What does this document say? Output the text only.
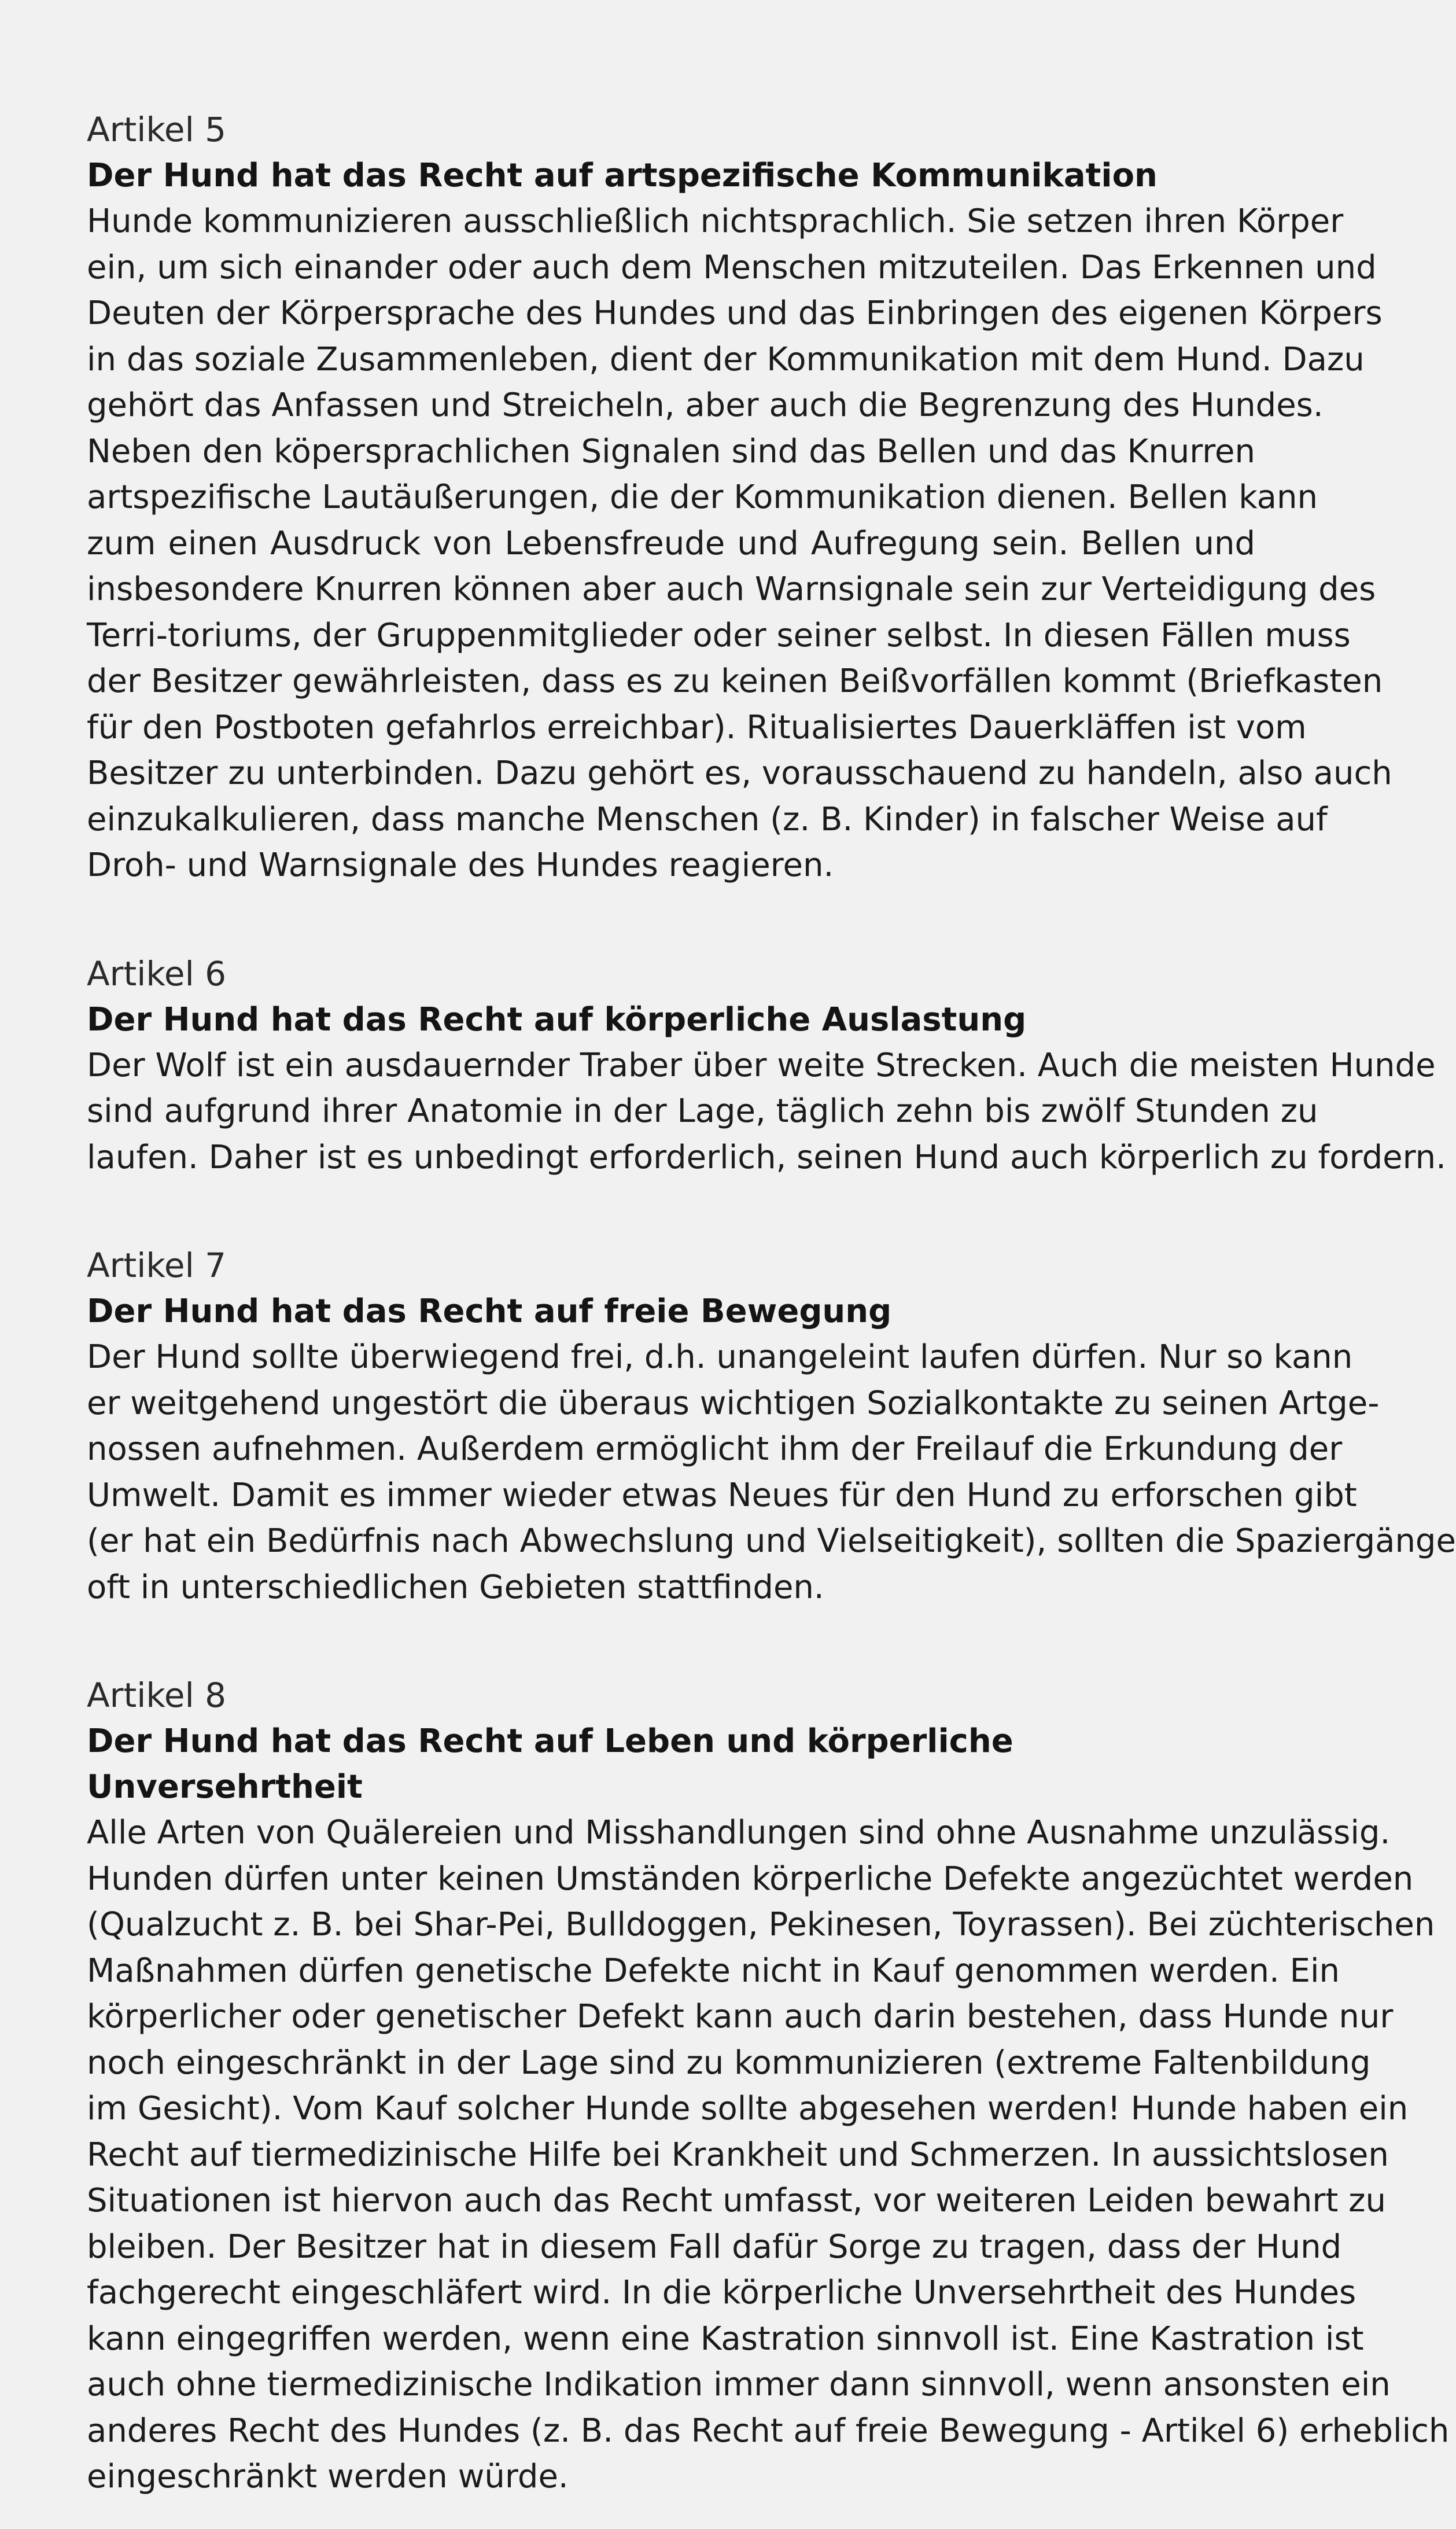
Artikel 5
Der Hund hat das Recht auf artspezifische Kommunikation
Hunde kommunizieren ausschließlich nichtsprachlich. Sie setzen ihren Körper
ein, um sich einander oder auch dem Menschen mitzuteilen. Das Erkennen und
Deuten der Körpersprache des Hundes und das Einbringen des eigenen Körpers
in das soziale Zusammenleben, dient der Kommunikation mit dem Hund. Dazu
gehört das Anfassen und Streicheln, aber auch die Begrenzung des Hundes.
Neben den köpersprachlichen Signalen sind das Bellen und das Knurren
artspezifische Lautäußerungen, die der Kommunikation dienen. Bellen kann
zum einen Ausdruck von Lebensfreude und Aufregung sein. Bellen und
insbesondere Knurren können aber auch Warnsignale sein zur Verteidigung des
Terri-toriums, der Gruppenmitglieder oder seiner selbst. In diesen Fällen muss
der Besitzer gewährleisten, dass es zu keinen Beißvorfällen kommt (Briefkasten
für den Postboten gefahrlos erreichbar). Ritualisiertes Dauerkläffen ist vom
Besitzer zu unterbinden. Dazu gehört es, vorausschauend zu handeln, also auch
einzukalkulieren, dass manche Menschen (z. B. Kinder) in falscher Weise auf
Droh- und Warnsignale des Hundes reagieren.
Artikel 6
Der Hund hat das Recht auf körperliche Auslastung
Der Wolf ist ein ausdauernder Traber über weite Strecken. Auch die meisten Hunde
sind aufgrund ihrer Anatomie in der Lage, täglich zehn bis zwölf Stunden zu
laufen. Daher ist es unbedingt erforderlich, seinen Hund auch körperlich zu fordern.
Artikel 7
Der Hund hat das Recht auf freie Bewegung
Der Hund sollte überwiegend frei, d.h. unangeleint laufen dürfen. Nur so kann
er weitgehend ungestört die überaus wichtigen Sozialkontakte zu seinen Artge-
nossen aufnehmen. Außerdem ermöglicht ihm der Freilauf die Erkundung der
Umwelt. Damit es immer wieder etwas Neues für den Hund zu erforschen gibt
(er hat ein Bedürfnis nach Abwechslung und Vielseitigkeit), sollten die Spaziergänge
oft in unterschiedlichen Gebieten stattfinden.
Artikel 8
Der Hund hat das Recht auf Leben und körperliche Unversehrtheit
Alle Arten von Quälereien und Misshandlungen sind ohne Ausnahme unzulässig.
Hunden dürfen unter keinen Umständen körperliche Defekte angezüchtet werden
(Qualzucht z. B. bei Shar-Pei, Bulldoggen, Pekinesen, Toyrassen). Bei züchterischen
Maßnahmen dürfen genetische Defekte nicht in Kauf genommen werden. Ein
körperlicher oder genetischer Defekt kann auch darin bestehen, dass Hunde nur
noch eingeschränkt in der Lage sind zu kommunizieren (extreme Faltenbildung
im Gesicht). Vom Kauf solcher Hunde sollte abgesehen werden! Hunde haben ein
Recht auf tiermedizinische Hilfe bei Krankheit und Schmerzen. In aussichtslosen
Situationen ist hiervon auch das Recht umfasst, vor weiteren Leiden bewahrt zu
bleiben. Der Besitzer hat in diesem Fall dafür Sorge zu tragen, dass der Hund
fachgerecht eingeschläfert wird. In die körperliche Unversehrtheit des Hundes
kann eingegriffen werden, wenn eine Kastration sinnvoll ist. Eine Kastration ist
auch ohne tiermedizinische Indikation immer dann sinnvoll, wenn ansonsten ein
anderes Recht des Hundes (z. B. das Recht auf freie Bewegung - Artikel 6) erheblich
eingeschränkt werden würde.
